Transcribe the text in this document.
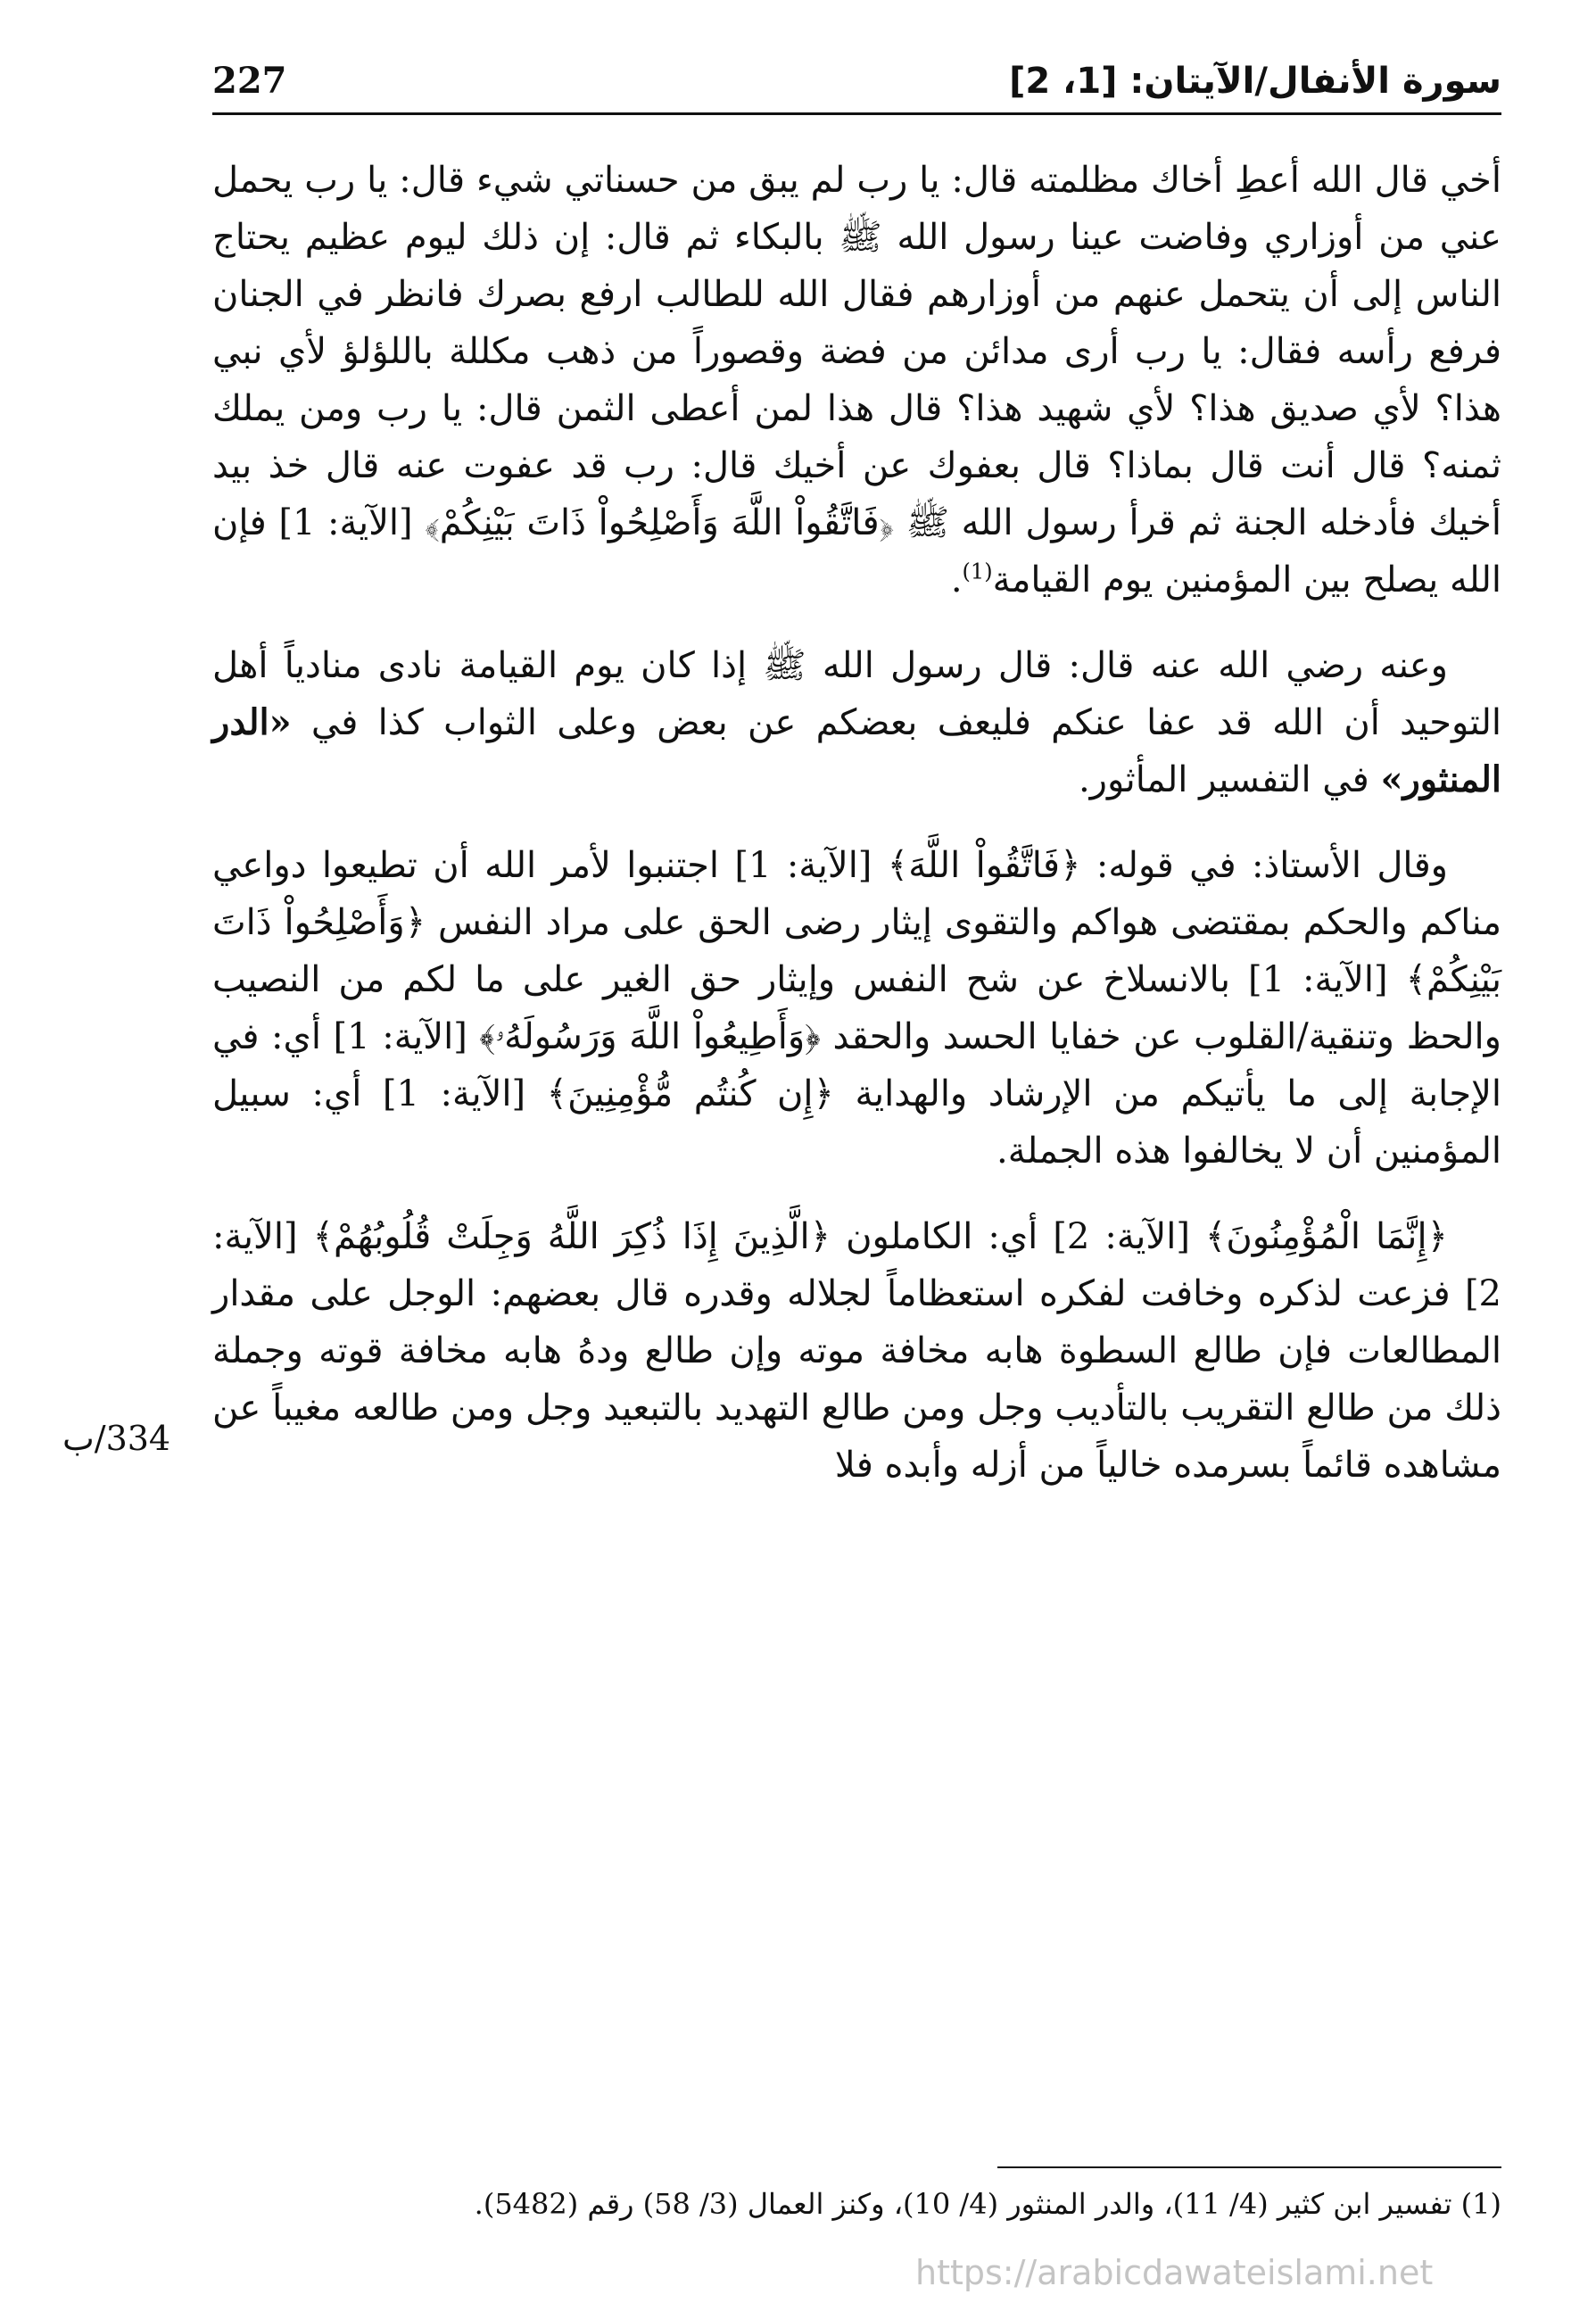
سورة الأنفال/الآيتان: [1، 2]
227
أخي قال الله أعطِ أخاك مظلمته قال: يا رب لم يبق من حسناتي شيء قال: يا رب يحمل عني من أوزاري وفاضت عينا رسول الله ﷺ بالبكاء ثم قال: إن ذلك ليوم عظيم يحتاج الناس إلى أن يتحمل عنهم من أوزارهم فقال الله للطالب ارفع بصرك فانظر في الجنان فرفع رأسه فقال: يا رب أرى مدائن من فضة وقصوراً من ذهب مكللة باللؤلؤ لأي نبي هذا؟ لأي صديق هذا؟ لأي شهيد هذا؟ قال هذا لمن أعطى الثمن قال: يا رب ومن يملك ثمنه؟ قال أنت قال بماذا؟ قال بعفوك عن أخيك قال: رب قد عفوت عنه قال خذ بيد أخيك فأدخله الجنة ثم قرأ رسول الله ﷺ ﴿فَاتَّقُواْ اللَّهَ وَأَصْلِحُواْ ذَاتَ بَيْنِكُمْ﴾ [الآية: 1] فإن الله يصلح بين المؤمنين يوم القيامة$^{(1)}$.
وعنه رضي الله عنه قال: قال رسول الله ﷺ إذا كان يوم القيامة نادى منادياً أهل التوحيد أن الله قد عفا عنكم فليعف بعضكم عن بعض وعلى الثواب كذا في «الدر المنثور» في التفسير المأثور.
وقال الأستاذ: في قوله: ﴿فَاتَّقُواْ اللَّهَ﴾ [الآية: 1] اجتنبوا لأمر الله أن تطيعوا دواعي مناكم والحكم بمقتضى هواكم والتقوى إيثار رضى الحق على مراد النفس ﴿وَأَصْلِحُواْ ذَاتَ بَيْنِكُمْ﴾ [الآية: 1] بالانسلاخ عن شح النفس وإيثار حق الغير على ما لكم من النصيب والحظ وتنقية/القلوب عن خفايا الحسد والحقد ﴿وَأَطِيعُواْ اللَّهَ وَرَسُولَهُۥ﴾ [الآية: 1] أي: في الإجابة إلى ما يأتيكم من الإرشاد والهداية ﴿إِن كُنتُم مُّؤْمِنِينَ﴾ [الآية: 1] أي: سبيل المؤمنين أن لا يخالفوا هذه الجملة.
﴿إِنَّمَا الْمُؤْمِنُونَ﴾ [الآية: 2] أي: الكاملون ﴿الَّذِينَ إِذَا ذُكِرَ اللَّهُ وَجِلَتْ قُلُوبُهُمْ﴾ [الآية: 2] فزعت لذكره وخافت لفكره استعظاماً لجلاله وقدره قال بعضهم: الوجل على مقدار المطالعات فإن طالع السطوة هابه مخافة موته وإن طالع ودهُ هابه مخافة قوته وجملة ذلك من طالع التقريب بالتأديب وجل ومن طالع التهديد بالتبعيد وجل ومن طالعه مغيباً عن مشاهده قائماً بسرمده خالياً من أزله وأبده فلا
334/ب
(1) تفسير ابن كثير (4/ 11)، والدر المنثور (4/ 10)، وكنز العمال (3/ 58) رقم (5482).
https://arabicdawateislami.net
